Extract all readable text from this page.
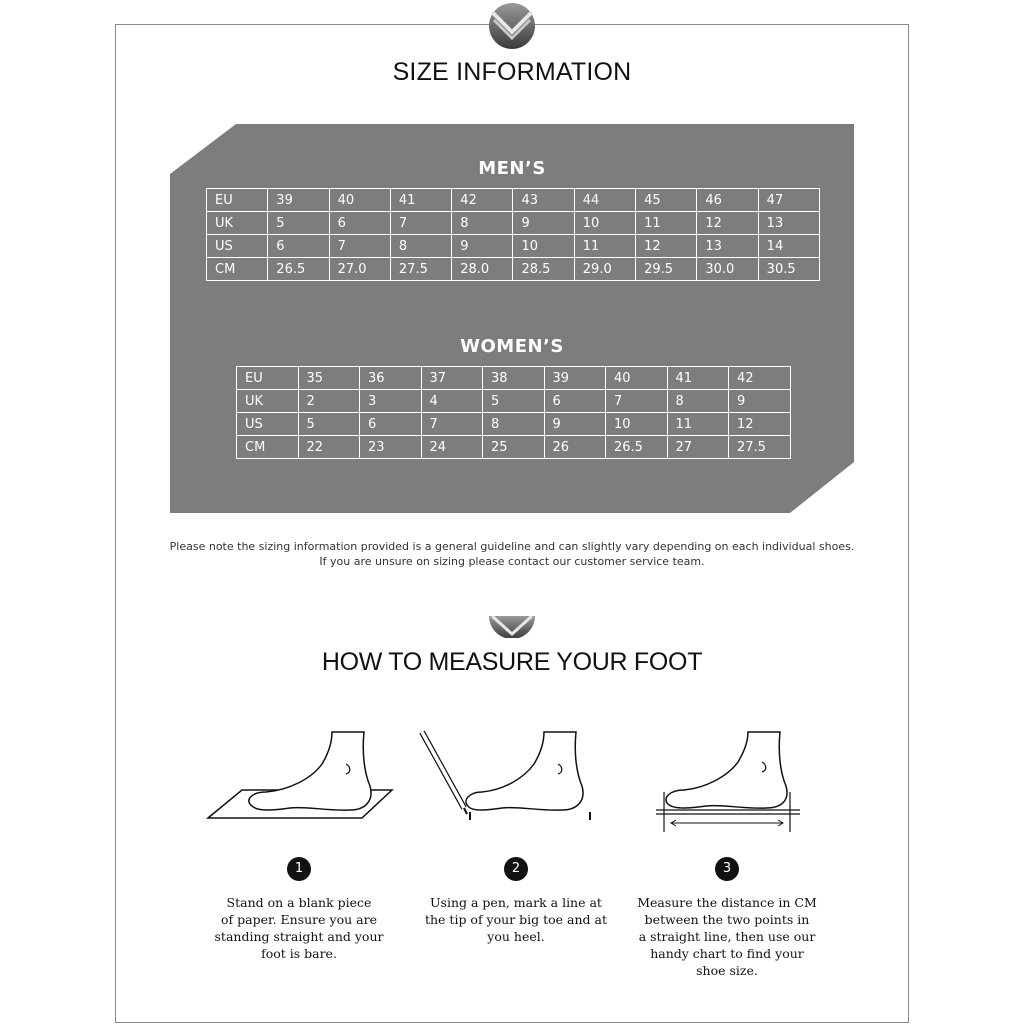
SIZE INFORMATION
MEN’S
EU	39	40	41	42	43	44	45	46	47
UK	5	6	7	8	9	10	11	12	13
US	6	7	8	9	10	11	12	13	14
CM	26.5	27.0	27.5	28.0	28.5	29.0	29.5	30.0	30.5
WOMEN’S
EU	35	36	37	38	39	40	41	42
UK	2	3	4	5	6	7	8	9
US	5	6	7	8	9	10	11	12
CM	22	23	24	25	26	26.5	27	27.5
Please note the sizing information provided is a general guideline and can slightly vary depending on each individual shoes.
If you are unsure on sizing please contact our customer service team.
HOW TO MEASURE YOUR FOOT
1	2	3
Stand on a blank piece
of paper. Ensure you are
standing straight and your
foot is bare.
Using a pen, mark a line at
the tip of your big toe and at
you heel.
Measure the distance in CM
between the two points in
a straight line, then use our
handy chart to find your
shoe size.
